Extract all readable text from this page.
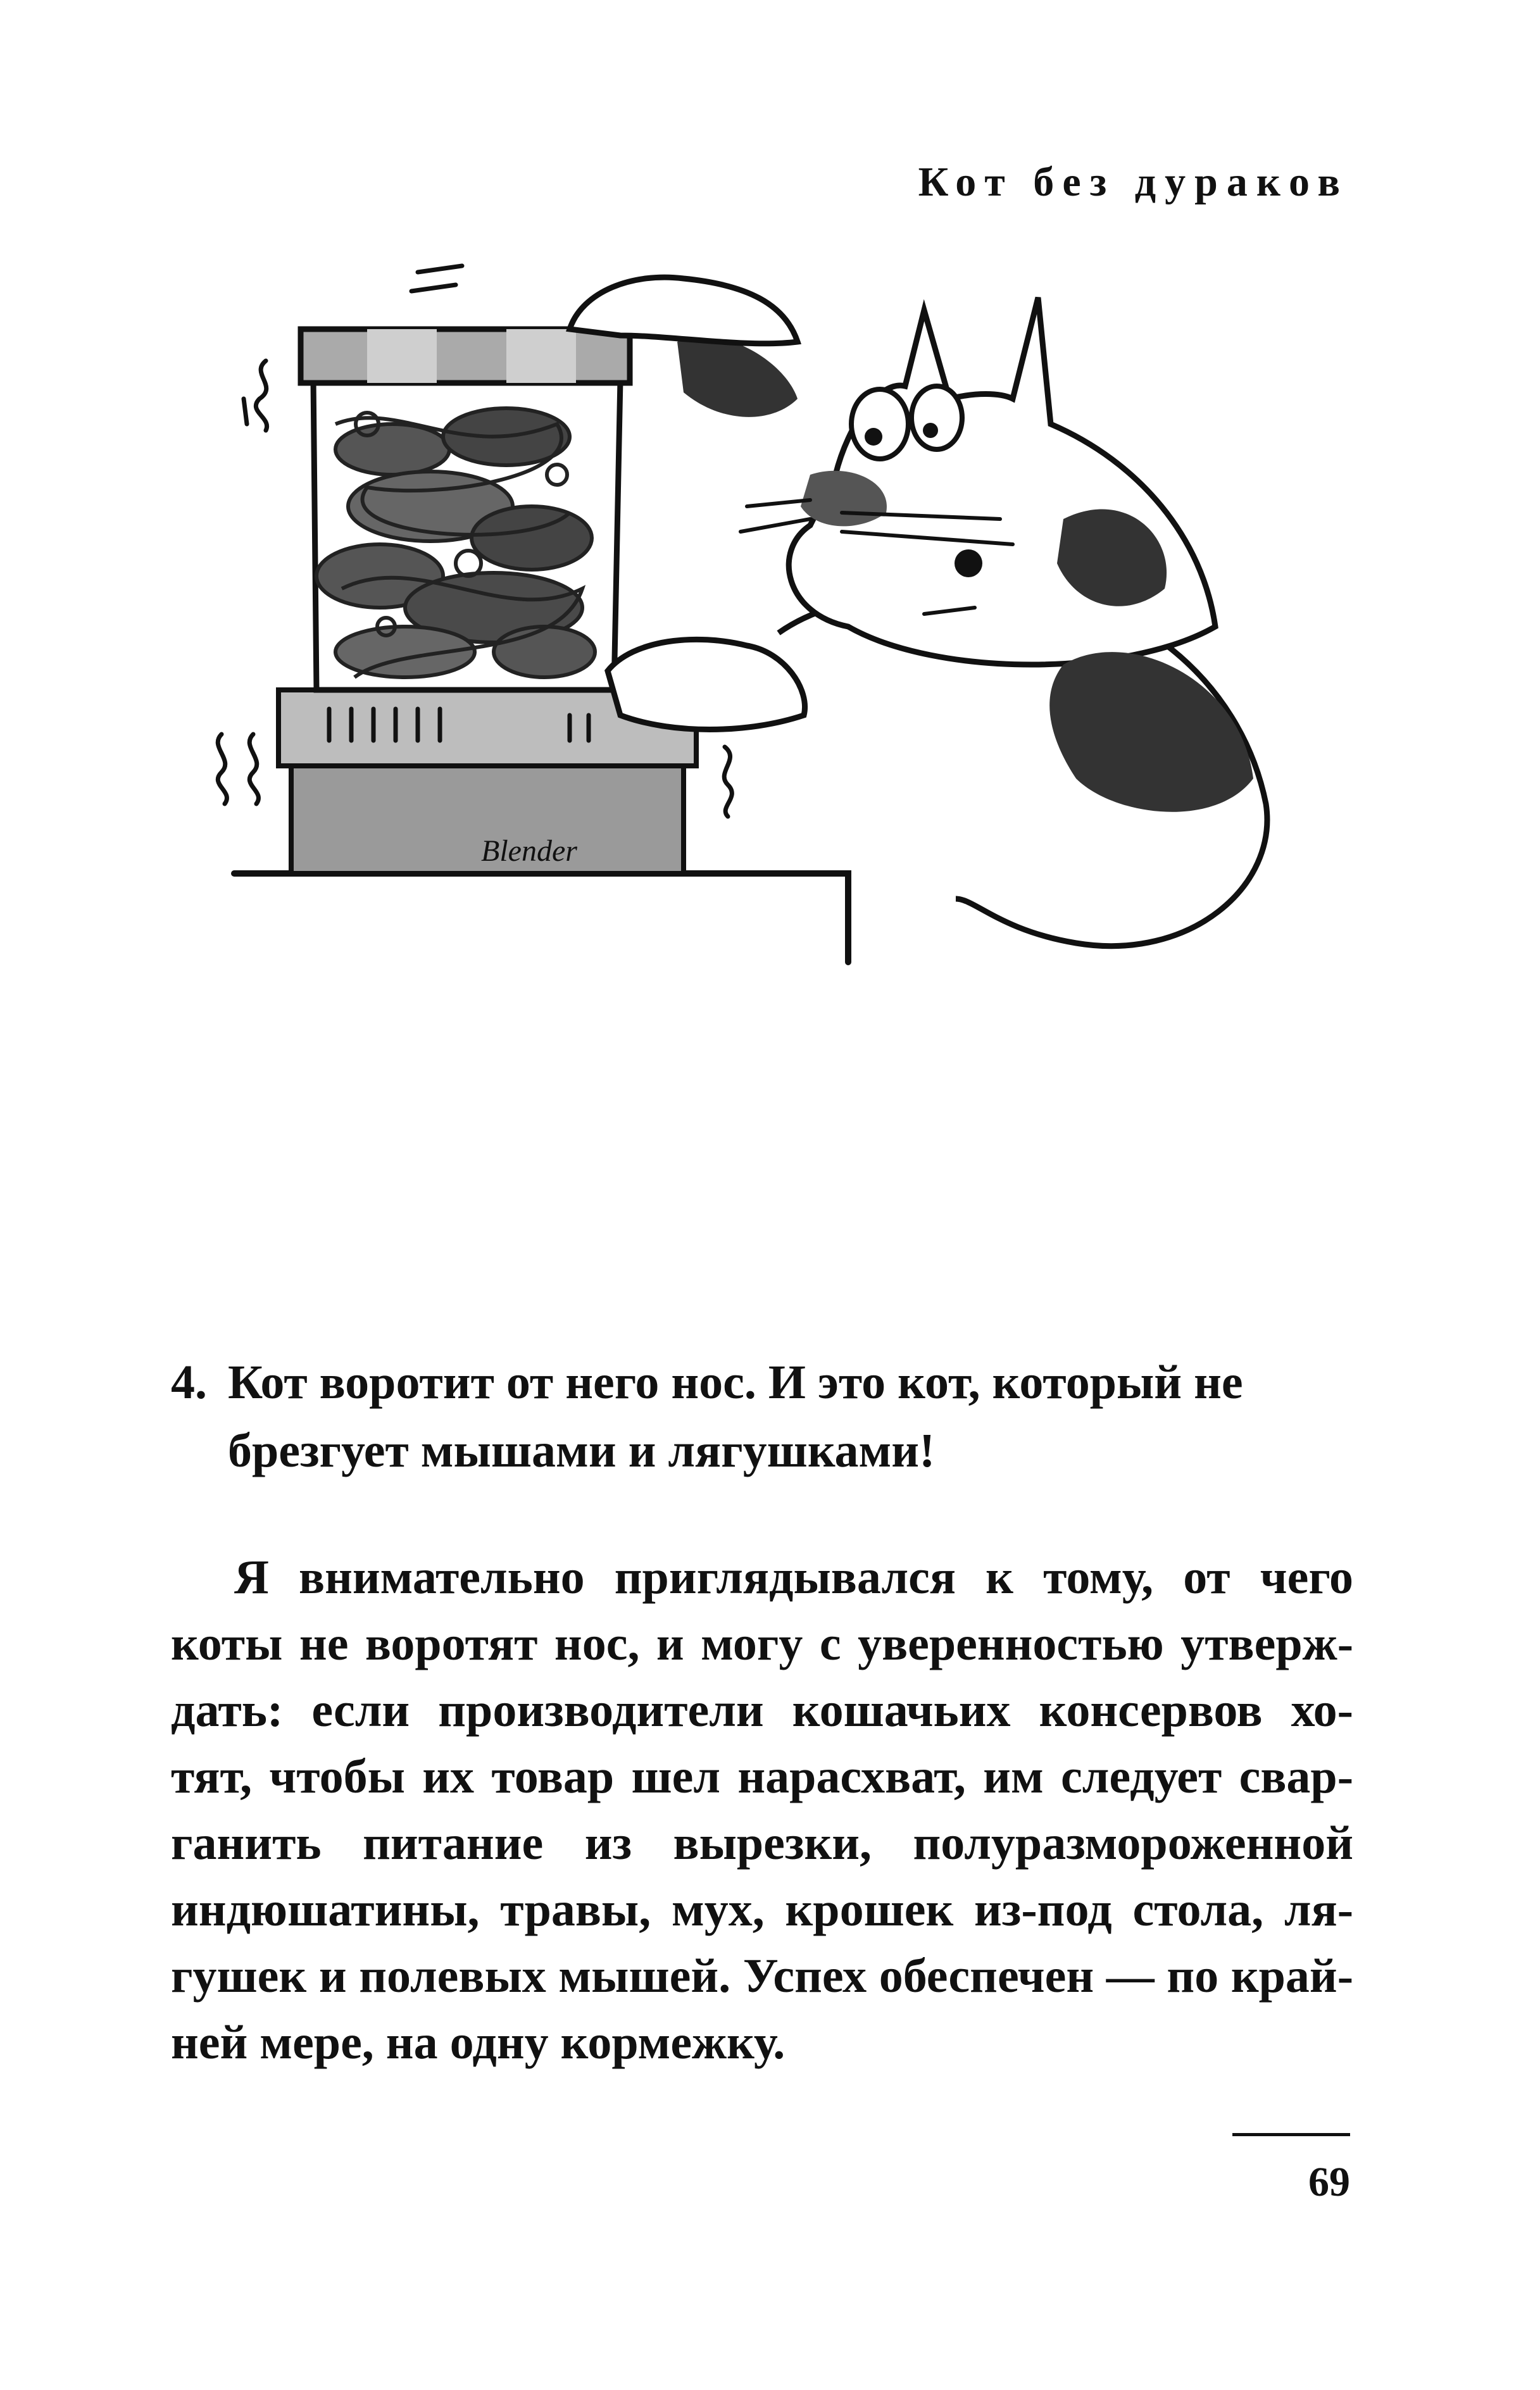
Кот без дураков
Blender
4. Кот воротит от него нос. И это кот, который не брезгует мышами и лягушками!
Я внимательно приглядывался к тому, от чего
коты не воротят нос, и могу с уверенностью утверж-
дать: если производители кошачьих консервов хо-
тят, чтобы их товар шел нарасхват, им следует свар-
ганить питание из вырезки, полуразмороженной
индюшатины, травы, мух, крошек из-под стола, ля-
гушек и полевых мышей. Успех обеспечен — по край-
ней мере, на одну кормежку.
69
